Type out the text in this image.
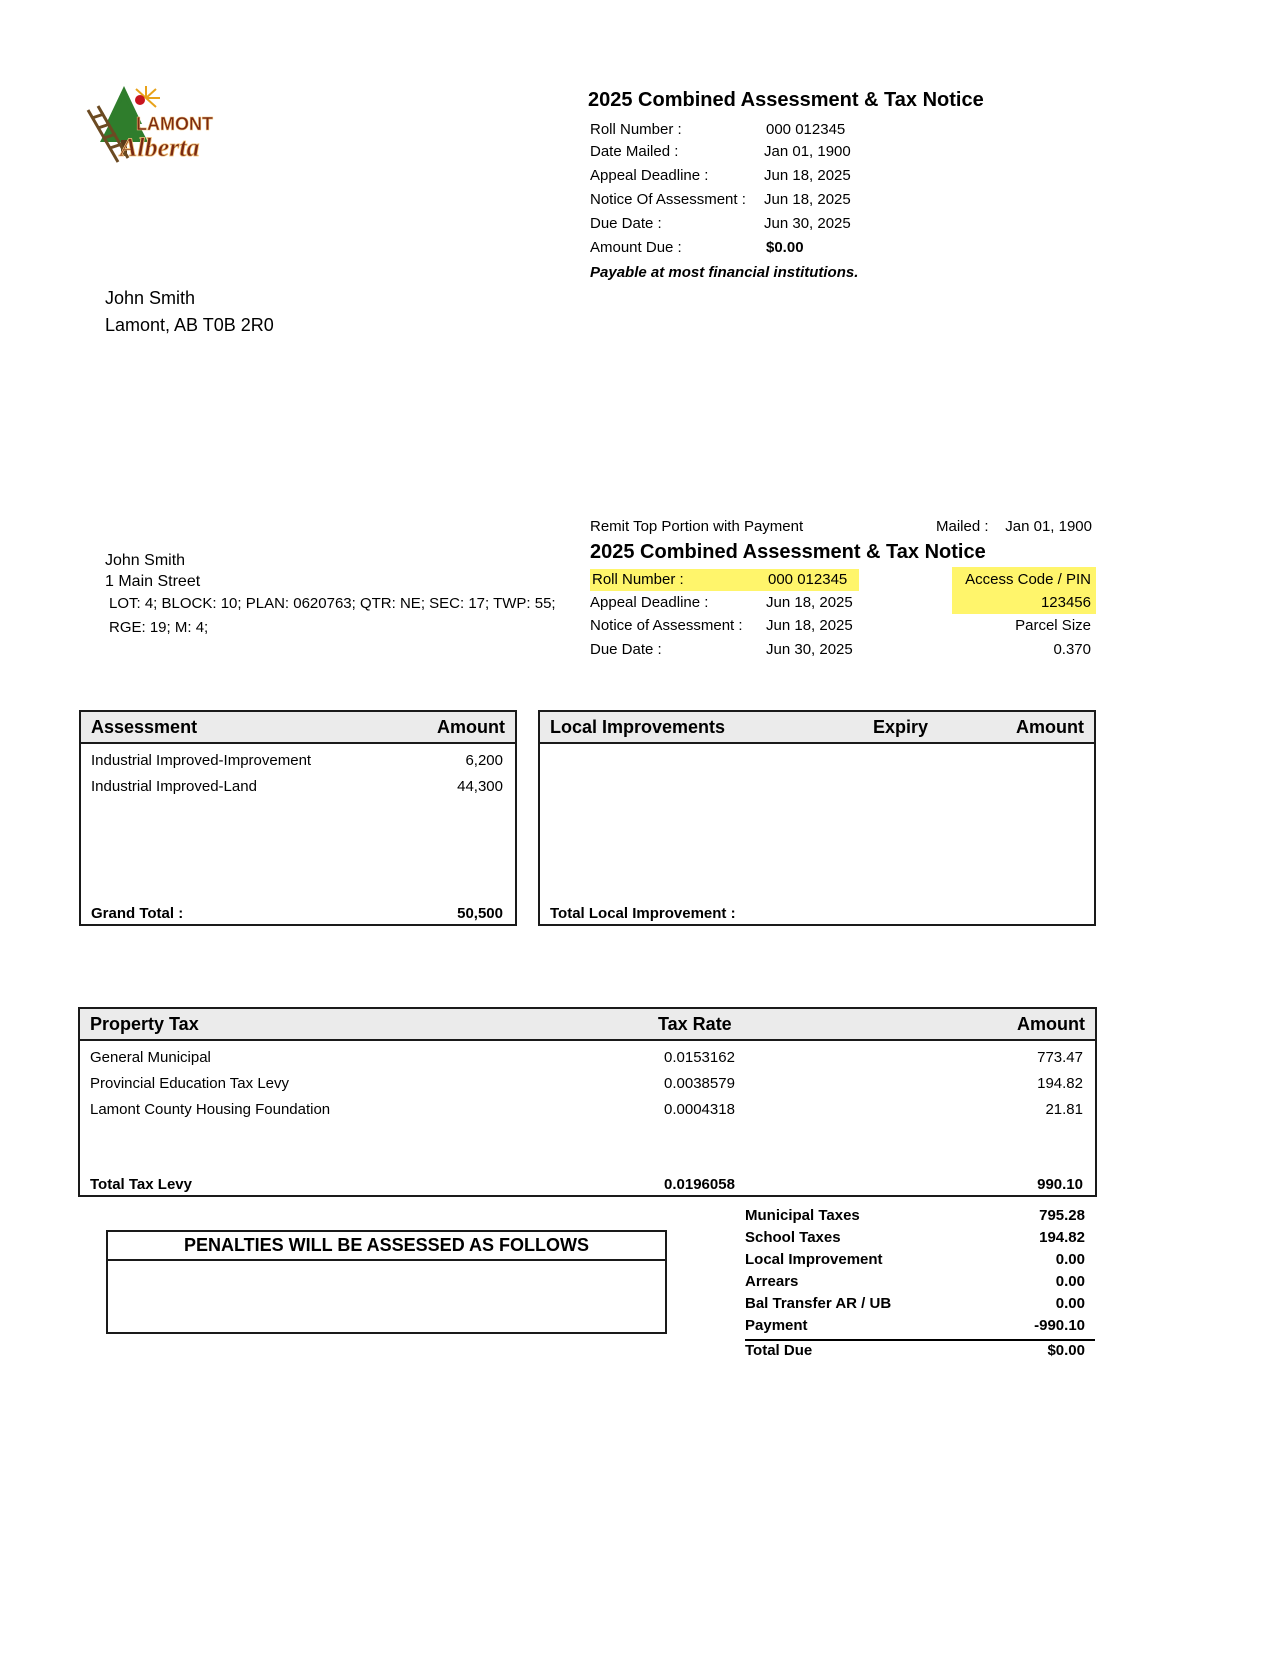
LAMONT
Alberta
2025 Combined Assessment & Tax Notice
Roll Number :	000 012345
Date Mailed :	Jan 01, 1900
Appeal Deadline :	Jun 18, 2025
Notice Of Assessment : Jun 18, 2025
Due Date :	Jun 30, 2025
Amount Due :	$0.00
Payable at most financial institutions.
John Smith
Lamont, AB T0B 2R0
Remit Top Portion with Payment	Mailed : Jan 01, 1900
2025 Combined Assessment & Tax Notice
John Smith
1 Main Street
LOT: 4; BLOCK: 10; PLAN: 0620763; QTR: NE; SEC: 17; TWP: 55;
RGE: 19; M: 4;
Roll Number :	000 012345
Appeal Deadline :	Jun 18, 2025
Notice of Assessment : Jun 18, 2025
Due Date :	Jun 30, 2025
Access Code / PIN
123456
Parcel Size
0.370
Assessment	Amount
Industrial Improved-Improvement	6,200
Industrial Improved-Land	44,300
Grand Total :	50,500
Local Improvements	Expiry	Amount
Total Local Improvement :
Property Tax	Tax Rate	Amount
General Municipal	0.0153162	773.47
Provincial Education Tax Levy	0.0038579	194.82
Lamont County Housing Foundation	0.0004318	21.81
Total Tax Levy	0.0196058	990.10
PENALTIES WILL BE ASSESSED AS FOLLOWS
Municipal Taxes	795.28
School Taxes	194.82
Local Improvement	0.00
Arrears	0.00
Bal Transfer AR / UB	0.00
Payment	-990.10
Total Due	$0.00
